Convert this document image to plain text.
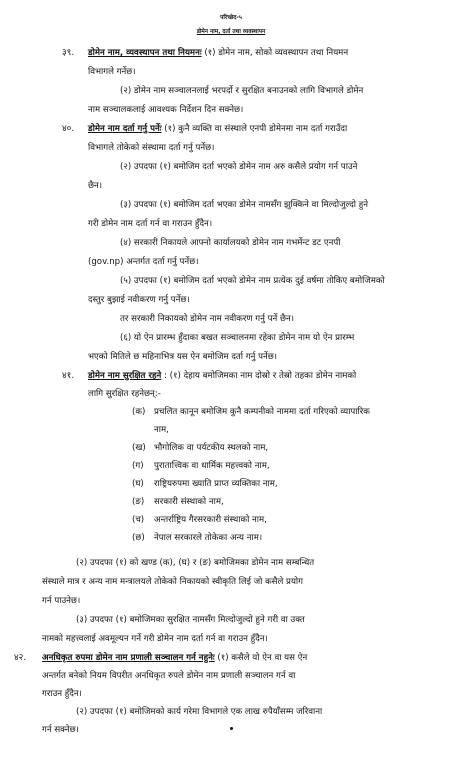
परिच्छेद-५
डोमेन नाम, दर्ता तथा व्यवस्थापन
३९. डोमेन नाम, व्यवस्थापन तथा नियमनः (१) डोमेन नाम, सोको व्यवस्थापन तथा नियमन
विभागले गर्नेछ।
(२) डोमेन नाम सञ्चालनलाई भरपर्दो र सुरक्षित बनाउनको लागि विभागले डोमेन
नाम सञ्चालकलाई आवश्यक निर्देशन दिन सक्नेछ।
४०. डोमेन नाम दर्ता गर्नु पर्नेः (१) कुनै व्यक्ति वा संस्थाले एनपी डोमेनमा नाम दर्ता गराउँदा
विभागले तोकेको संस्थामा दर्ता गर्नु पर्नेछ।
(२) उपदफा (१) बमोजिम दर्ता भएको डोमेन नाम अरु कसैले प्रयोग गर्न पाउने
छैन।
(३) उपदफा (१) बमोजिम दर्ता भएका डोमेन नामसँग झुक्किने वा मिल्दोजुल्दो हुने
गरी डोमेन नाम दर्ता गर्न वा गराउन हुँदैन।
(४) सरकारी निकायले आफ्नो कार्यालयको डोमेन नाम गभर्मेन्ट डट एनपी
(gov.np) अन्तर्गत दर्ता गर्नु पर्नेछ।
(५) उपदफा (१) बमोजिम दर्ता भएको डोमेन नाम प्रत्येक दुई वर्षमा तोकिए बमोजिमको
दस्तुर बुझाई नवीकरण गर्नु पर्नेछ।
तर सरकारी निकायको डोमेन नाम नवीकरण गर्नु पर्ने छैन।
(६) यो ऐन प्रारम्भ हुँदाका बखत सञ्चालनमा रहेका डोमेन नाम यो ऐन प्रारम्भ
भएको मितिले छ महिनाभित्र यस ऐन बमोजिम दर्ता गर्नु पर्नेछ।
४१. डोमेन नाम सुरक्षित रहने : (१) देहाय बमोजिमका नाम दोस्रो र तेस्रो तहका डोमेन नामको
लागि सुरक्षित रहनेछन्:-
(क) प्रचलित कानून बमोजिम कुनै कम्पनीको नाममा दर्ता गरिएको व्यापारिक
नाम,
(ख) भौगोलिक वा पर्यटकीय स्थलको नाम,
(ग) पुरातात्त्विक वा धार्मिक महत्त्वको नाम,
(घ) राष्ट्रियरुपमा ख्याति प्राप्त व्यक्तिका नाम,
(ङ) सरकारी संस्थाको नाम,
(च) अन्तर्राष्ट्रिय गैरसरकारी संस्थाको नाम,
(छ) नेपाल सरकारले तोकेका अन्य नाम।
(२) उपदफा (१) को खण्ड (क), (घ) र (ङ) बमोजिमका डोमेन नाम सम्बन्धित
संस्थाले मात्र र अन्य नाम मन्त्रालयले तोकेको निकायको स्वीकृति लिई जो कसैले प्रयोग
गर्न पाउनेछ।
(३) उपदफा (१) बमोजिमका सुरक्षित नामसँग मिल्दोजुल्दो हुने गरी वा उक्त
नामको महत्त्वलाई अवमूल्यन गर्ने गरी डोमेन नाम दर्ता गर्न वा गराउन हुँदैन।
४२. अनधिकृत रुपमा डोमेन नाम प्रणाली सञ्चालन गर्न नहुनेः (१) कसैले यो ऐन वा यस ऐन
अन्तर्गत बनेको नियम विपरीत अनधिकृत रुपले डोमेन नाम प्रणाली सञ्चालन गर्न वा
गराउन हुँदैन।
(२) उपदफा (१) बमोजिमको कार्य गरेमा विभागले एक लाख रुपैयाँसम्म जरिवाना
गर्न सक्नेछ।
